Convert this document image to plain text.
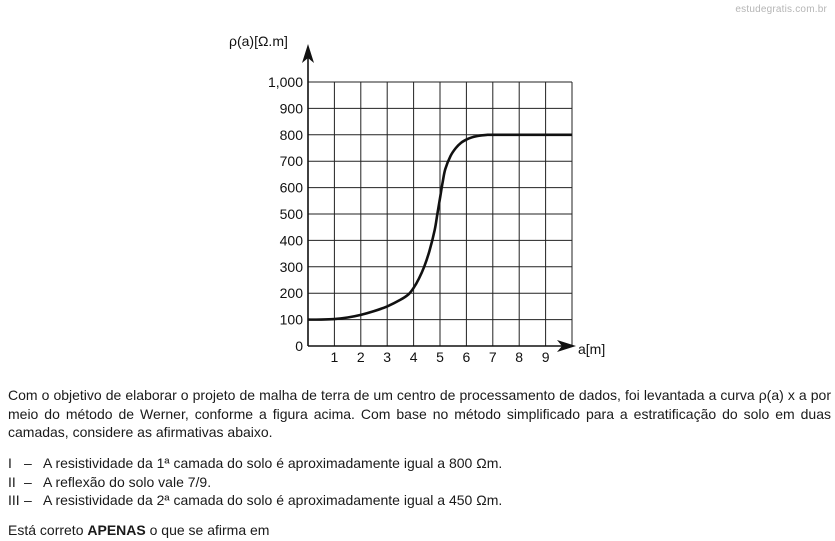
estudegratis.com.br
1 2 3 4 5 6 7 8 9
0
100
200
300
400
500
600
700
800
900
1,000
ρ(a)[Ω.m]
a[m]
Com o objetivo de elaborar o projeto de malha de terra de um centro de processamento de dados, foi levantada a curva ρ(a) x a por meio do método de Werner, conforme a figura acima. Com base no método simplificado para a estratificação do solo em duas camadas, considere as afirmativas abaixo.
I – A resistividade da 1ª camada do solo é aproximadamente igual a 800 Ωm.
II – A reflexão do solo vale 7/9.
III – A resistividade da 2ª camada do solo é aproximadamente igual a 450 Ωm.
Está correto APENAS o que se afirma em
